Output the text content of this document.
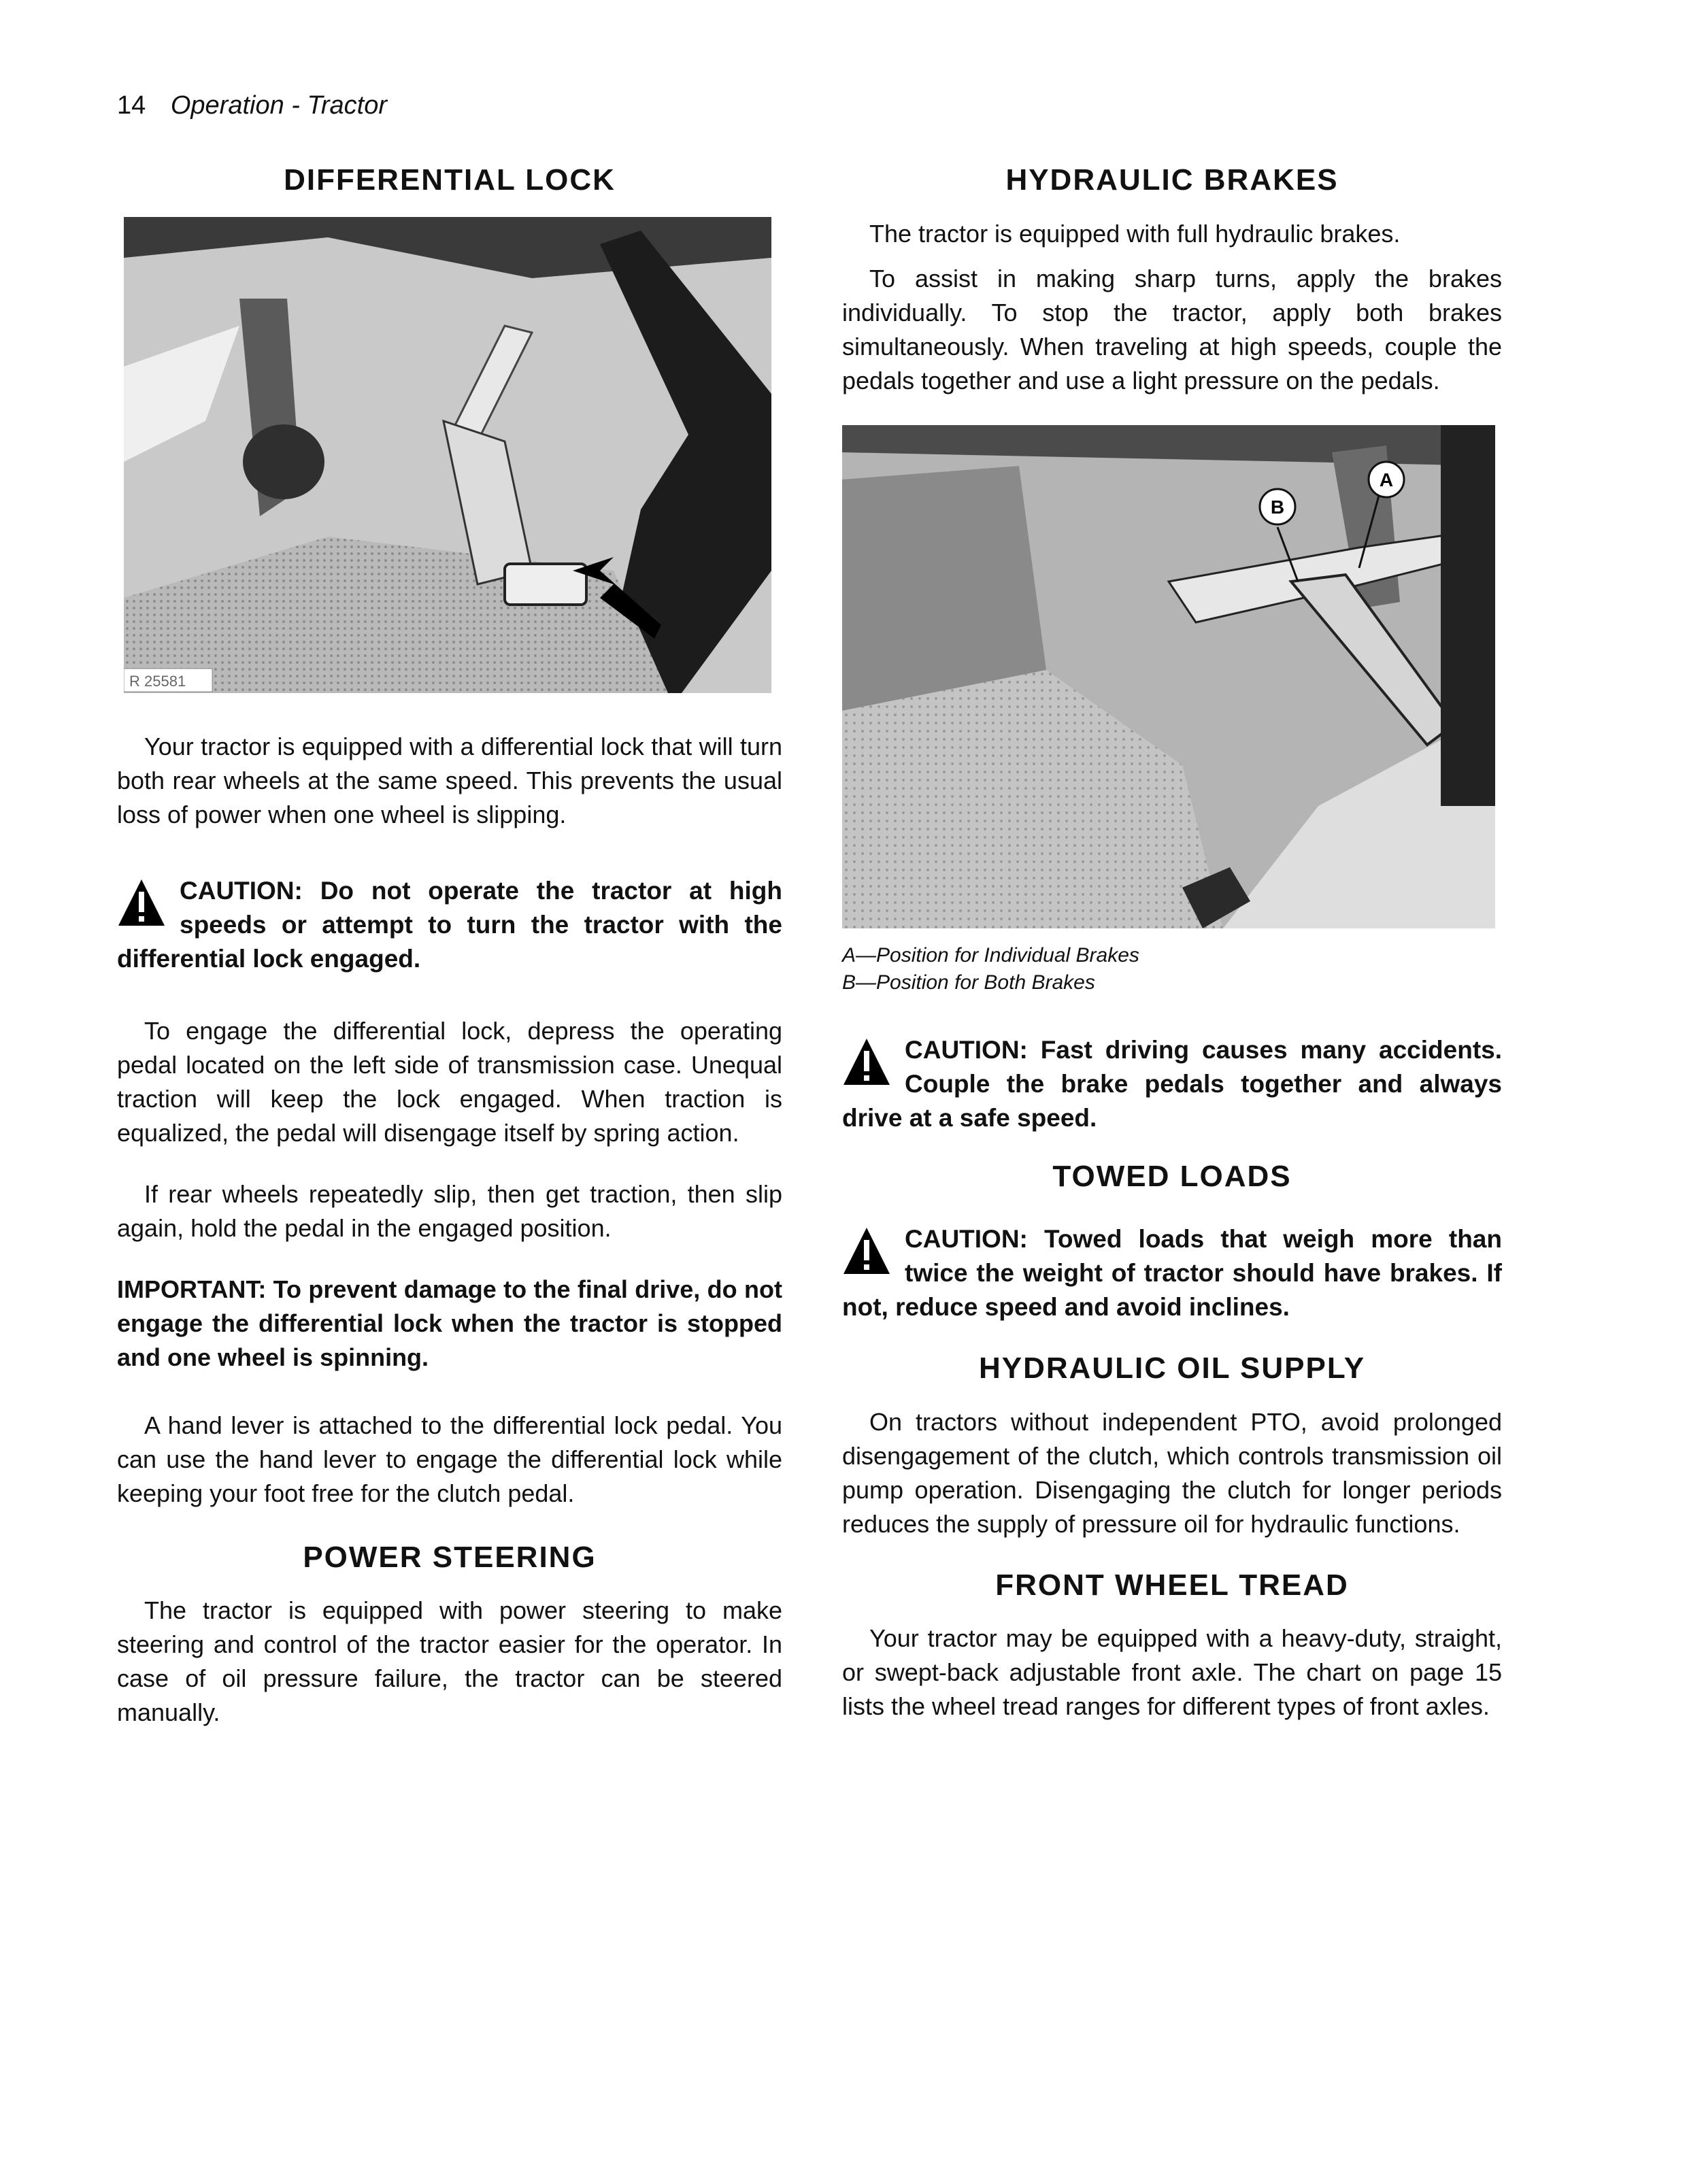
14 Operation - Tractor
DIFFERENTIAL LOCK
R 25581

Your tractor is equipped with a differential lock that will turn both rear wheels at the same speed. This prevents the usual loss of power when one wheel is slipping.

CAUTION: Do not operate the tractor at high speeds or attempt to turn the tractor with the differential lock engaged.

To engage the differential lock, depress the operating pedal located on the left side of transmission case. Unequal traction will keep the lock engaged. When traction is equalized, the pedal will disengage itself by spring action.

If rear wheels repeatedly slip, then get traction, then slip again, hold the pedal in the engaged position.

IMPORTANT: To prevent damage to the final drive, do not engage the differential lock when the tractor is stopped and one wheel is spinning.

A hand lever is attached to the differential lock pedal. You can use the hand lever to engage the differential lock while keeping your foot free for the clutch pedal.

POWER STEERING

The tractor is equipped with power steering to make steering and control of the tractor easier for the operator. In case of oil pressure failure, the tractor can be steered manually.

HYDRAULIC BRAKES

The tractor is equipped with full hydraulic brakes.

To assist in making sharp turns, apply the brakes individually. To stop the tractor, apply both brakes simultaneously. When traveling at high speeds, couple the pedals together and use a light pressure on the pedals.

B
A
A—Position for Individual Brakes
B—Position for Both Brakes
CAUTION: Fast driving causes many accidents. Couple the brake pedals together and always drive at a safe speed.
TOWED LOADS
CAUTION: Towed loads that weigh more than twice the weight of tractor should have brakes. If not, reduce speed and avoid inclines.
HYDRAULIC OIL SUPPLY

On tractors without independent PTO, avoid prolonged disengagement of the clutch, which controls transmission oil pump operation. Disengaging the clutch for longer periods reduces the supply of pressure oil for hydraulic functions.

FRONT WHEEL TREAD

Your tractor may be equipped with a heavy-duty, straight, or swept-back adjustable front axle. The chart on page 15 lists the wheel tread ranges for different types of front axles.
